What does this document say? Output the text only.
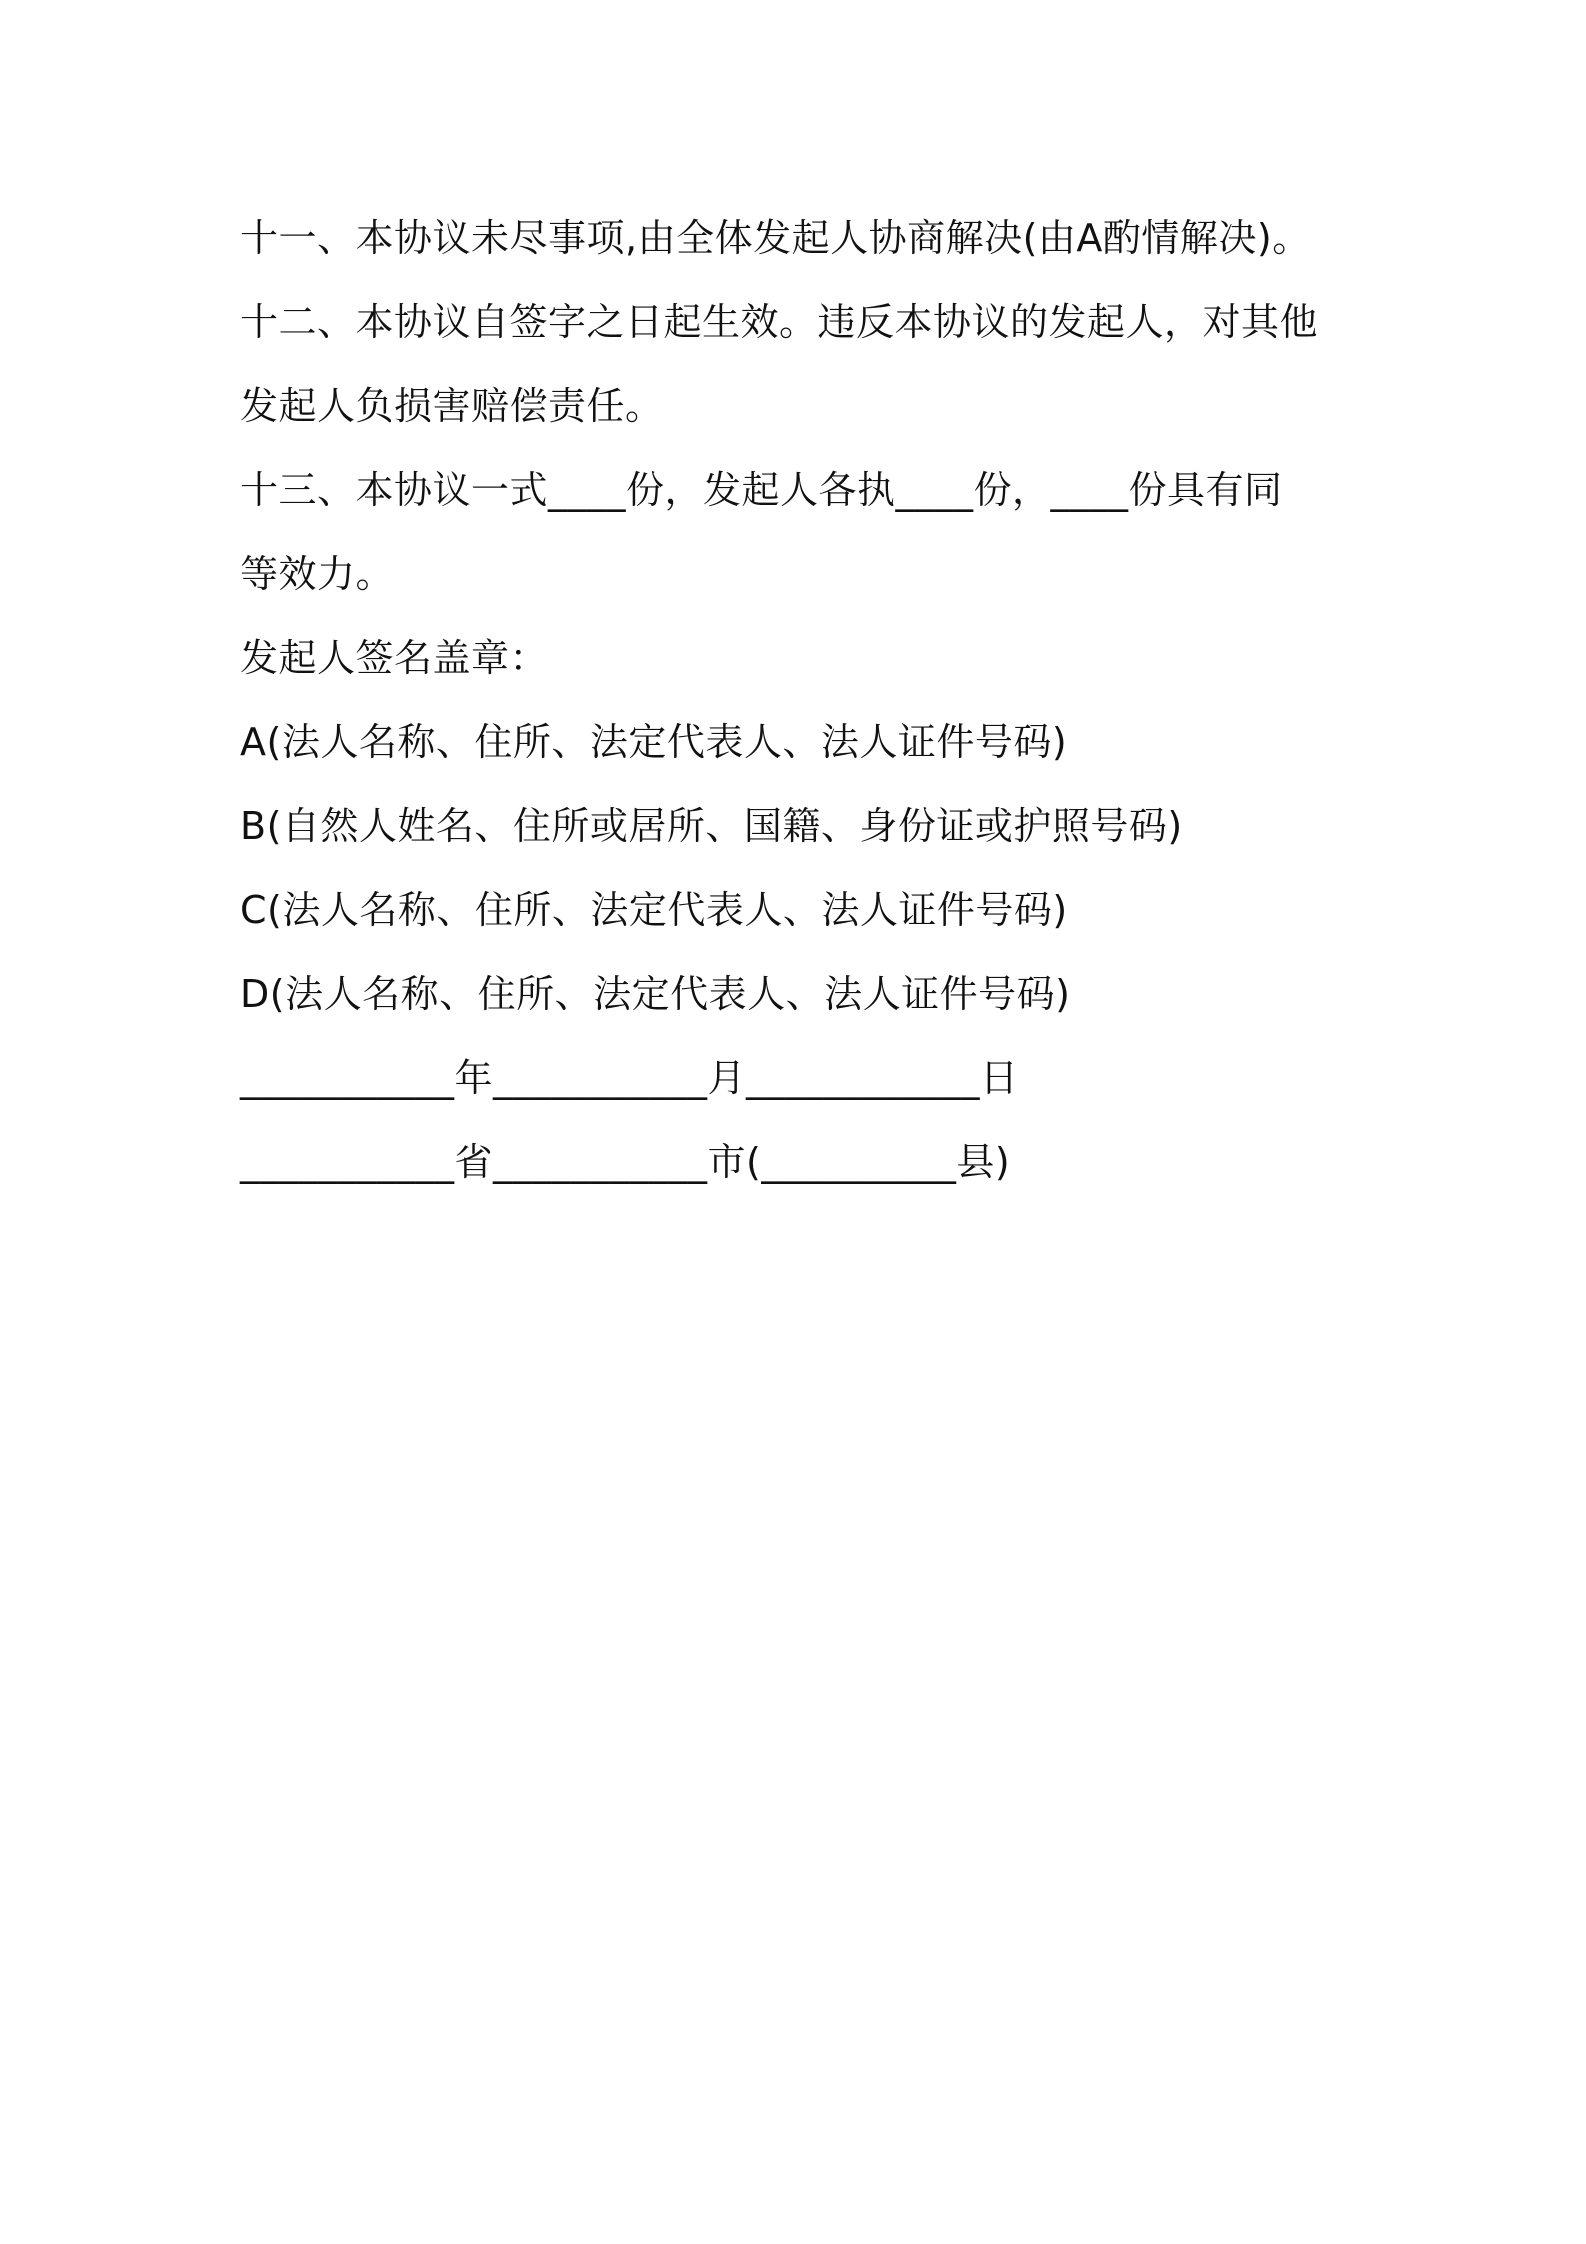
十一、本协议未尽事项,由全体发起人协商解决(由A酌情解决)。
十二、本协议自签字之日起生效。违反本协议的发起人，对其他
发起人负损害赔偿责任。
十三、本协议一式____份，发起人各执____份，____份具有同
等效力。
发起人签名盖章：
A(法人名称、住所、法定代表人、法人证件号码)
B(自然人姓名、住所或居所、国籍、身份证或护照号码)
C(法人名称、住所、法定代表人、法人证件号码)
D(法人名称、住所、法定代表人、法人证件号码)
___________年___________月____________日
___________省___________市(__________县)
